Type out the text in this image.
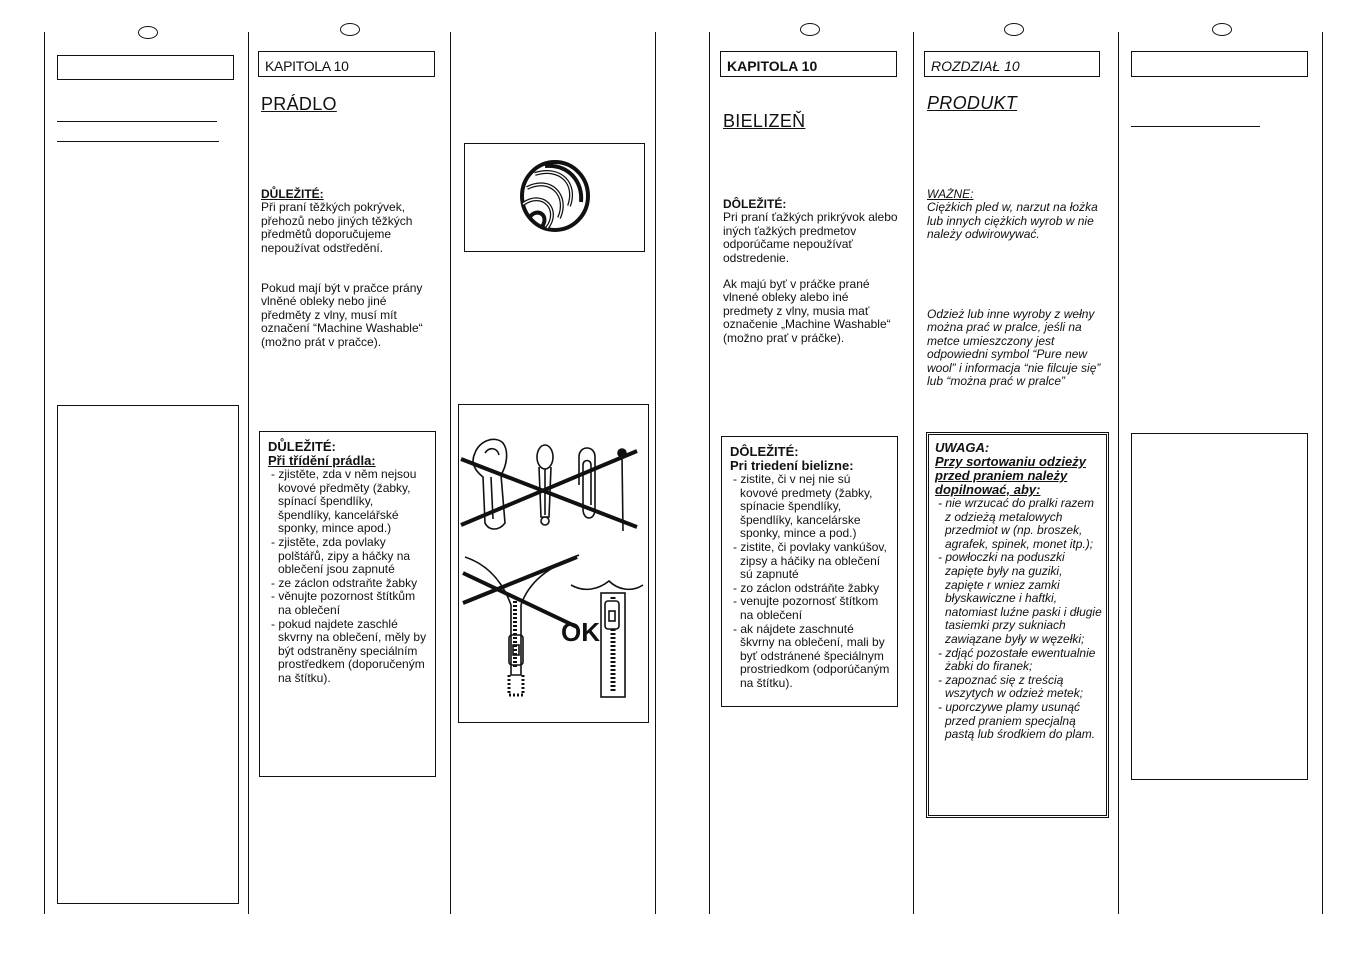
KAPITOLA 10
PRÁDLO
DŮLEŽITÉ:
Při praní těžkých pokrývek, přehozů nebo jiných těžkých předmětů doporučujeme nepoužívat odstředění.
Pokud mají být v pračce prány vlněné obleky nebo jiné předměty z vlny, musí mít označení “Machine Washable“ (možno prát v pračce).
DŮLEŽITÉ:
Při třídění prádla:
- zjistěte, zda v něm nejsou kovové předměty (žabky, spínací špendlíky, špendlíky, kancelářské sponky, mince apod.)
- zjistěte, zda povlaky polštářů, zipy a háčky na oblečení jsou zapnuté
- ze záclon odstraňte žabky
- věnujte pozornost štítkům na oblečení
- pokud najdete zaschlé skvrny na oblečení, měly by být odstraněny speciálním prostředkem (doporučeným na štítku).
OK
KAPITOLA 10
BIELIZEŇ
DÔLEŽITÉ:
Pri praní ťažkých prikrývok alebo iných ťažkých predmetov odporúčame nepoužívať odstredenie.
Ak majú byť v práčke prané vlnené obleky alebo iné predmety z vlny, musia mať označenie „Machine Washable“ (možno prať v práčke).
DÔLEŽITÉ:
Pri triedení bielizne:
- zistite, či v nej nie sú kovové predmety (žabky, spínacie špendlíky, špendlíky, kancelárske sponky, mince a pod.)
- zistite, či povlaky vankúšov, zipsy a háčiky na oblečení sú zapnuté
- zo záclon odstráňte žabky
- venujte pozornosť štítkom na oblečení
- ak nájdete zaschnuté škvrny na oblečení, mali by byť odstránené špeciálnym prostriedkom (odporúčaným na štítku).
ROZDZIAŁ 10
PRODUKT
WAŻNE:
Ciężkich pled w, narzut na łożka lub innych ciężkich wyrob w nie należy odwirowywać.
Odzież lub inne wyroby z wełny można prać w pralce, jeśli na metce umieszczony jest odpowiedni symbol “Pure new wool” i informacja “nie filcuje się” lub “można prać w pralce”
UWAGA:
Przy sortowaniu odzieży przed praniem należy dopilnować, aby:
- nie wrzucać do pralki razem z odzieżą metalowych przedmiot w (np. broszek, agrafek, spinek, monet itp.);
- powłoczki na poduszki zapięte były na guziki, zapięte r wniez zamki błyskawiczne i haftki, natomiast luźne paski i długie tasiemki przy sukniach zawiązane były w węzełki;
- zdjąć pozostałe ewentualnie żabki do firanek;
- zapoznać się z treścią wszytych w odzież metek;
- uporczywe plamy usunąć przed praniem specjalną pastą lub środkiem do plam.
